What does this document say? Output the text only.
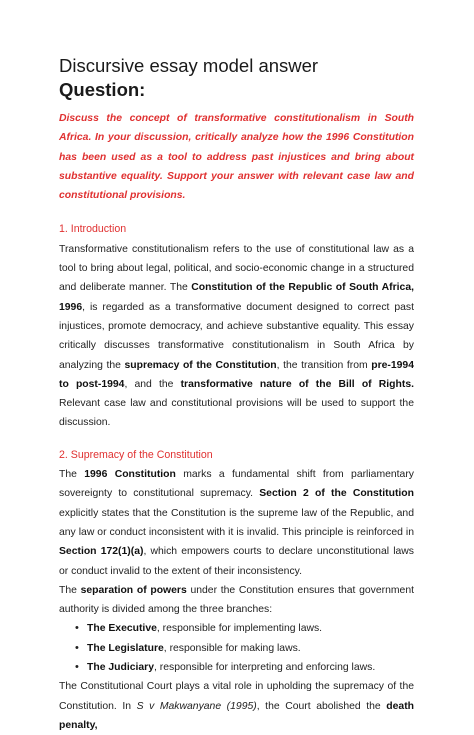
Discursive essay model answer
Question:

Discuss the concept of transformative constitutionalism in South Africa. In your discussion, critically analyze how the 1996 Constitution has been used as a tool to address past injustices and bring about substantive equality. Support your answer with relevant case law and constitutional provisions.

1. Introduction

Transformative constitutionalism refers to the use of constitutional law as a tool to bring about legal, political, and socio-economic change in a structured and deliberate manner. The Constitution of the Republic of South Africa, 1996, is regarded as a transformative document designed to correct past injustices, promote democracy, and achieve substantive equality. This essay critically discusses transformative constitutionalism in South Africa by analyzing the supremacy of the Constitution, the transition from pre-1994 to post-1994, and the transformative nature of the Bill of Rights. Relevant case law and constitutional provisions will be used to support the discussion.

2. Supremacy of the Constitution

The 1996 Constitution marks a fundamental shift from parliamentary sovereignty to constitutional supremacy. Section 2 of the Constitution explicitly states that the Constitution is the supreme law of the Republic, and any law or conduct inconsistent with it is invalid. This principle is reinforced in Section 172(1)(a), which empowers courts to declare unconstitutional laws or conduct invalid to the extent of their inconsistency.

The separation of powers under the Constitution ensures that government authority is divided among the three branches:

• The Executive, responsible for implementing laws.
• The Legislature, responsible for making laws.
• The Judiciary, responsible for interpreting and enforcing laws.

The Constitutional Court plays a vital role in upholding the supremacy of the Constitution. In S v Makwanyane (1995), the Court abolished the death penalty,
